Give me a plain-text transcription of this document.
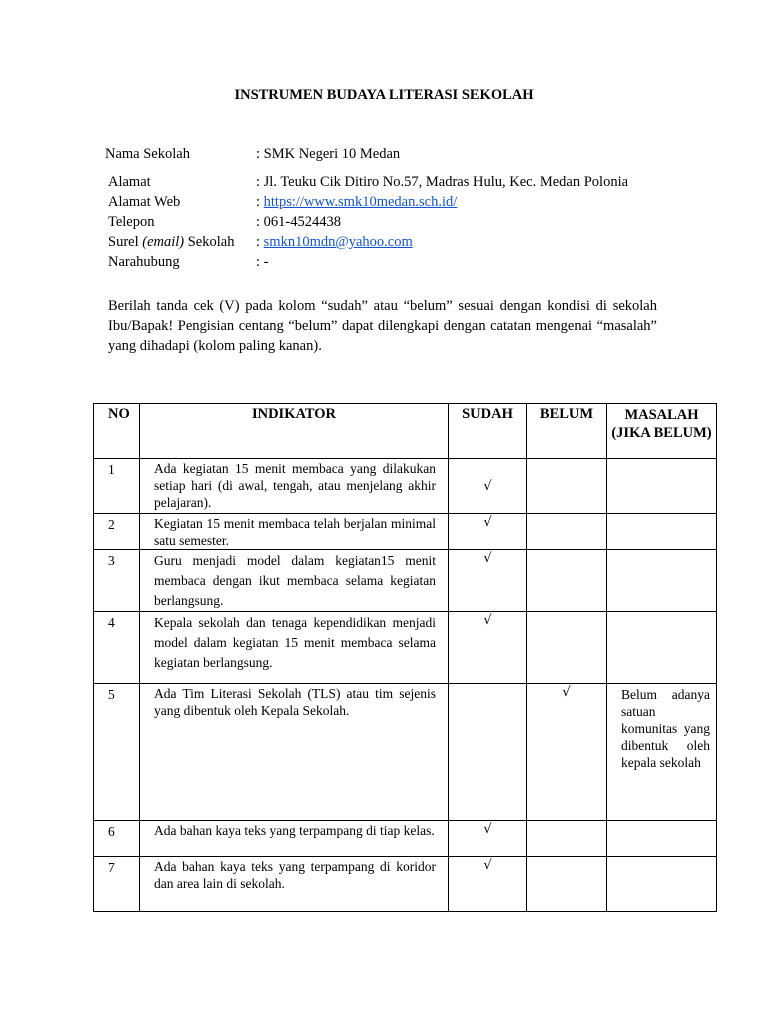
INSTRUMEN BUDAYA LITERASI SEKOLAH
Nama Sekolah	: SMK Negeri 10 Medan
Alamat	: Jl. Teuku Cik Ditiro No.57, Madras Hulu, Kec. Medan Polonia
Alamat Web	: https://www.smk10medan.sch.id/
Telepon	: 061-4524438
Surel (email) Sekolah : smkn10mdn@yahoo.com
Narahubung	: -
Berilah tanda cek (V) pada kolom “sudah” atau “belum” sesuai dengan kondisi di sekolah Ibu/Bapak! Pengisian centang “belum” dapat dilengkapi dengan catatan mengenai “masalah” yang dihadapi (kolom paling kanan).
NO	INDIKATOR	SUDAH	BELUM	MASALAH (JIKA BELUM)
1	Ada kegiatan 15 menit membaca yang dilakukan setiap hari (di awal, tengah, atau menjelang akhir pelajaran).	√		
2	Kegiatan 15 menit membaca telah berjalan minimal satu semester.	√		
3	Guru menjadi model dalam kegiatan15 menit membaca dengan ikut membaca selama kegiatan berlangsung.	√		
4	Kepala sekolah dan tenaga kependidikan menjadi model dalam kegiatan 15 menit membaca selama kegiatan berlangsung.	√		
5	Ada Tim Literasi Sekolah (TLS) atau tim sejenis yang dibentuk oleh Kepala Sekolah.		√	Belum adanya satuan komunitas yang dibentuk oleh kepala sekolah
6	Ada bahan kaya teks yang terpampang di tiap kelas.	√		
7	Ada bahan kaya teks yang terpampang di koridor dan area lain di sekolah.	√		
